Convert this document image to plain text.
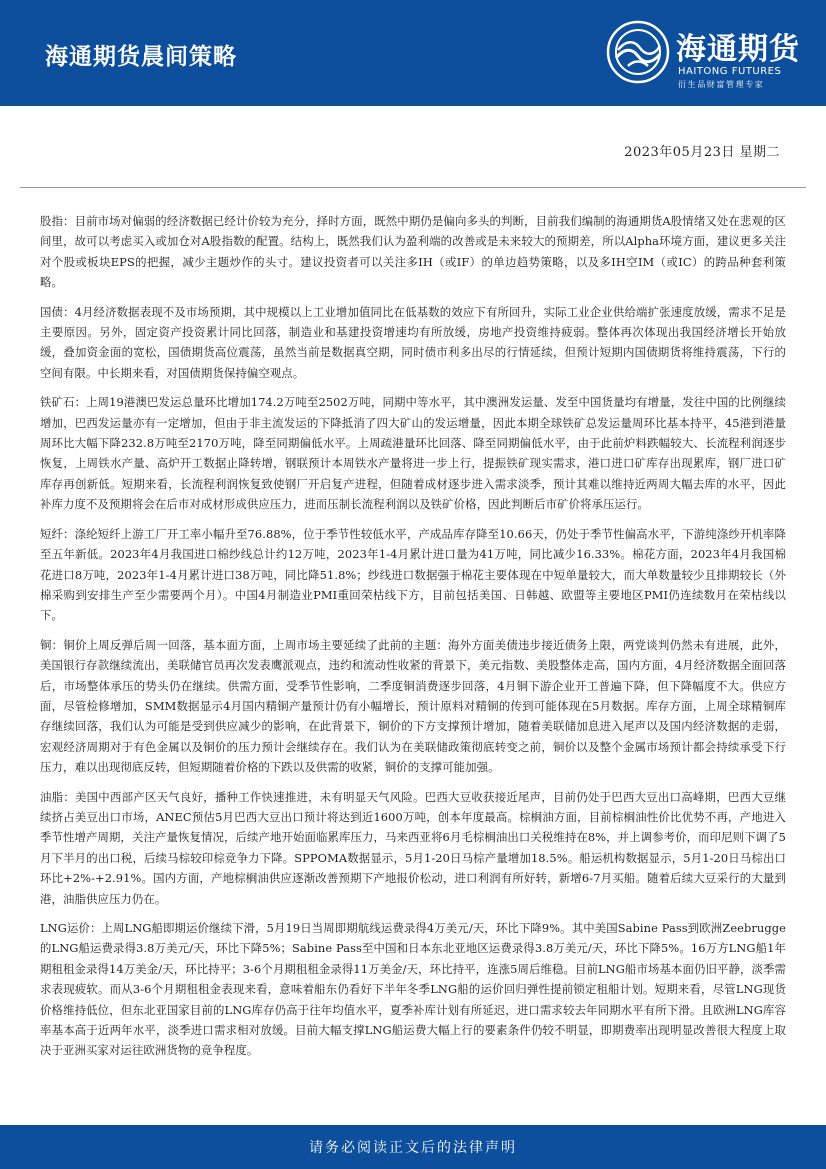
海通期货晨间策略	海通期货
HAITONG FUTURES
衍生品财富管理专家
2023年05月23日 星期二

股指：目前市场对偏弱的经济数据已经计价较为充分，择时方面，既然中期仍是偏向多头的判断，目前我们编制的海通期货A股情绪又处在悲观的区间里，故可以考虑买入或加仓对A股指数的配置。结构上，既然我们认为盈利端的改善或是未来较大的预期差，所以Alpha环境方面，建议更多关注对个股或板块EPS的把握，减少主题炒作的头寸。建议投资者可以关注多IH（或IF）的单边趋势策略，以及多IH空IM（或IC）的跨品种套利策略。

国债：4月经济数据表现不及市场预期，其中规模以上工业增加值同比在低基数的效应下有所回升，实际工业企业供给端扩张速度放缓，需求不足是主要原因。另外，固定资产投资累计同比回落，制造业和基建投资增速均有所放缓，房地产投资维持疲弱。整体再次体现出我国经济增长开始放缓，叠加资金面的宽松，国债期货高位震荡，虽然当前是数据真空期，同时债市利多出尽的行情延续，但预计短期内国债期货将维持震荡，下行的空间有限。中长期来看，对国债期货保持偏空观点。

铁矿石：上周19港澳巴发运总量环比增加174.2万吨至2502万吨，同期中等水平，其中澳洲发运量、发至中国货量均有增量，发往中国的比例继续增加，巴西发运量亦有一定增加，但由于非主流发运的下降抵消了四大矿山的发运增量，因此本期全球铁矿总发运量周环比基本持平，45港到港量周环比大幅下降232.8万吨至2170万吨，降至同期偏低水平。上周疏港量环比回落、降至同期偏低水平，由于此前炉料跌幅较大、长流程利润逐步恢复，上周铁水产量、高炉开工数据止降转增，钢联预计本周铁水产量将进一步上行，提振铁矿现实需求，港口进口矿库存出现累库，钢厂进口矿库存再创新低。短期来看，长流程利润恢复致使钢厂开启复产进程，但随着成材逐步进入需求淡季，预计其难以维持近两周大幅去库的水平，因此补库力度不及预期将会在后市对成材形成供应压力，进而压制长流程利润以及铁矿价格，因此判断后市矿价将承压运行。

短纤：涤纶短纤上游工厂开工率小幅升至76.88%，位于季节性较低水平，产成品库存降至10.66天，仍处于季节性偏高水平，下游纯涤纱开机率降至五年新低。2023年4月我国进口棉纱线总计约12万吨，2023年1-4月累计进口量为41万吨，同比减少16.33%。棉花方面，2023年4月我国棉花进口8万吨，2023年1-4月累计进口38万吨，同比降51.8%；纱线进口数据强于棉花主要体现在中短单量较大，而大单数量较少且排期较长（外棉采购到安排生产至少需要两个月）。中国4月制造业PMI重回荣枯线下方，目前包括美国、日韩越、欧盟等主要地区PMI仍连续数月在荣枯线以下。

铜：铜价上周反弹后周一回落，基本面方面，上周市场主要延续了此前的主题：海外方面美债违步接近债务上限，两党谈判仍然未有进展，此外，美国银行存款继续流出，美联储官员再次发表鹰派观点，违约和流动性收紧的背景下，美元指数、美股整体走高，国内方面，4月经济数据全面回落后，市场整体承压的势头仍在继续。供需方面，受季节性影响，二季度铜消费逐步回落，4月铜下游企业开工普遍下降，但下降幅度不大。供应方面，尽管检修增加，SMM数据显示4月国内精铜产量预计仍有小幅增长，预计原料对精铜的传到可能体现在5月数据。库存方面，上周全球精铜库存继续回落，我们认为可能是受到供应减少的影响，在此背景下，铜价的下方支撑预计增加，随着美联储加息进入尾声以及国内经济数据的走弱，宏观经济周期对于有色金属以及铜价的压力预计会继续存在。我们认为在美联储政策彻底转变之前，铜价以及整个金属市场预计都会持续承受下行压力，难以出现彻底反转，但短期随着价格的下跌以及供需的收紧，铜价的支撑可能加强。

油脂：美国中西部产区天气良好，播种工作快速推进，未有明显天气风险。巴西大豆收获接近尾声，目前仍处于巴西大豆出口高峰期，巴西大豆继续挤占美豆出口市场，ANEC预估5月巴西大豆出口预计将达到近1600万吨，创本年度最高。棕榈油方面，目前棕榈油性价比优势不再，产地进入季节性增产周期，关注产量恢复情况，后续产地开始面临累库压力，马来西亚将6月毛棕榈油出口关税维持在8%，并上调参考价，而印尼则下调了5月下半月的出口税，后续马棕较印棕竞争力下降。SPPOMA数据显示，5月1-20日马棕产量增加18.5%。船运机构数据显示，5月1-20日马棕出口环比+2%-+2.91%。国内方面，产地棕榈油供应逐渐改善预期下产地报价松动，进口利润有所好转，新增6-7月买船。随着后续大豆采行的大量到港，油脂供应压力仍在。

LNG运价：上周LNG船即期运价继续下滑，5月19日当周即期航线运费录得4万美元/天，环比下降9%。其中美国Sabine Pass到欧洲Zeebrugge的LNG船运费录得3.8万美元/天，环比下降5%；Sabine Pass至中国和日本东北亚地区运费录得3.8万美元/天，环比下降5%。16万方LNG船1年期租租金录得14万美金/天，环比持平；3-6个月期租租金录得11万美金/天，环比持平，连涨5周后维稳。目前LNG船市场基本面仍旧平静，淡季需求表现疲软。而从3-6个月期租租金表现来看，意味着船东仍看好下半年冬季LNG船的运价回归弹性提前锁定租船计划。短期来看，尽管LNG现货价格维持低位，但东北亚国家目前的LNG库存仍高于往年均值水平，夏季补库计划有所延迟，进口需求较去年同期水平有所下滑。且欧洲LNG库容率基本高于近两年水平，淡季进口需求相对放缓。目前大幅支撑LNG船运费大幅上行的要素条件仍较不明显，即期费率出现明显改善很大程度上取决于亚洲买家对运往欧洲货物的竞争程度。

请务必阅读正文后的法律声明
